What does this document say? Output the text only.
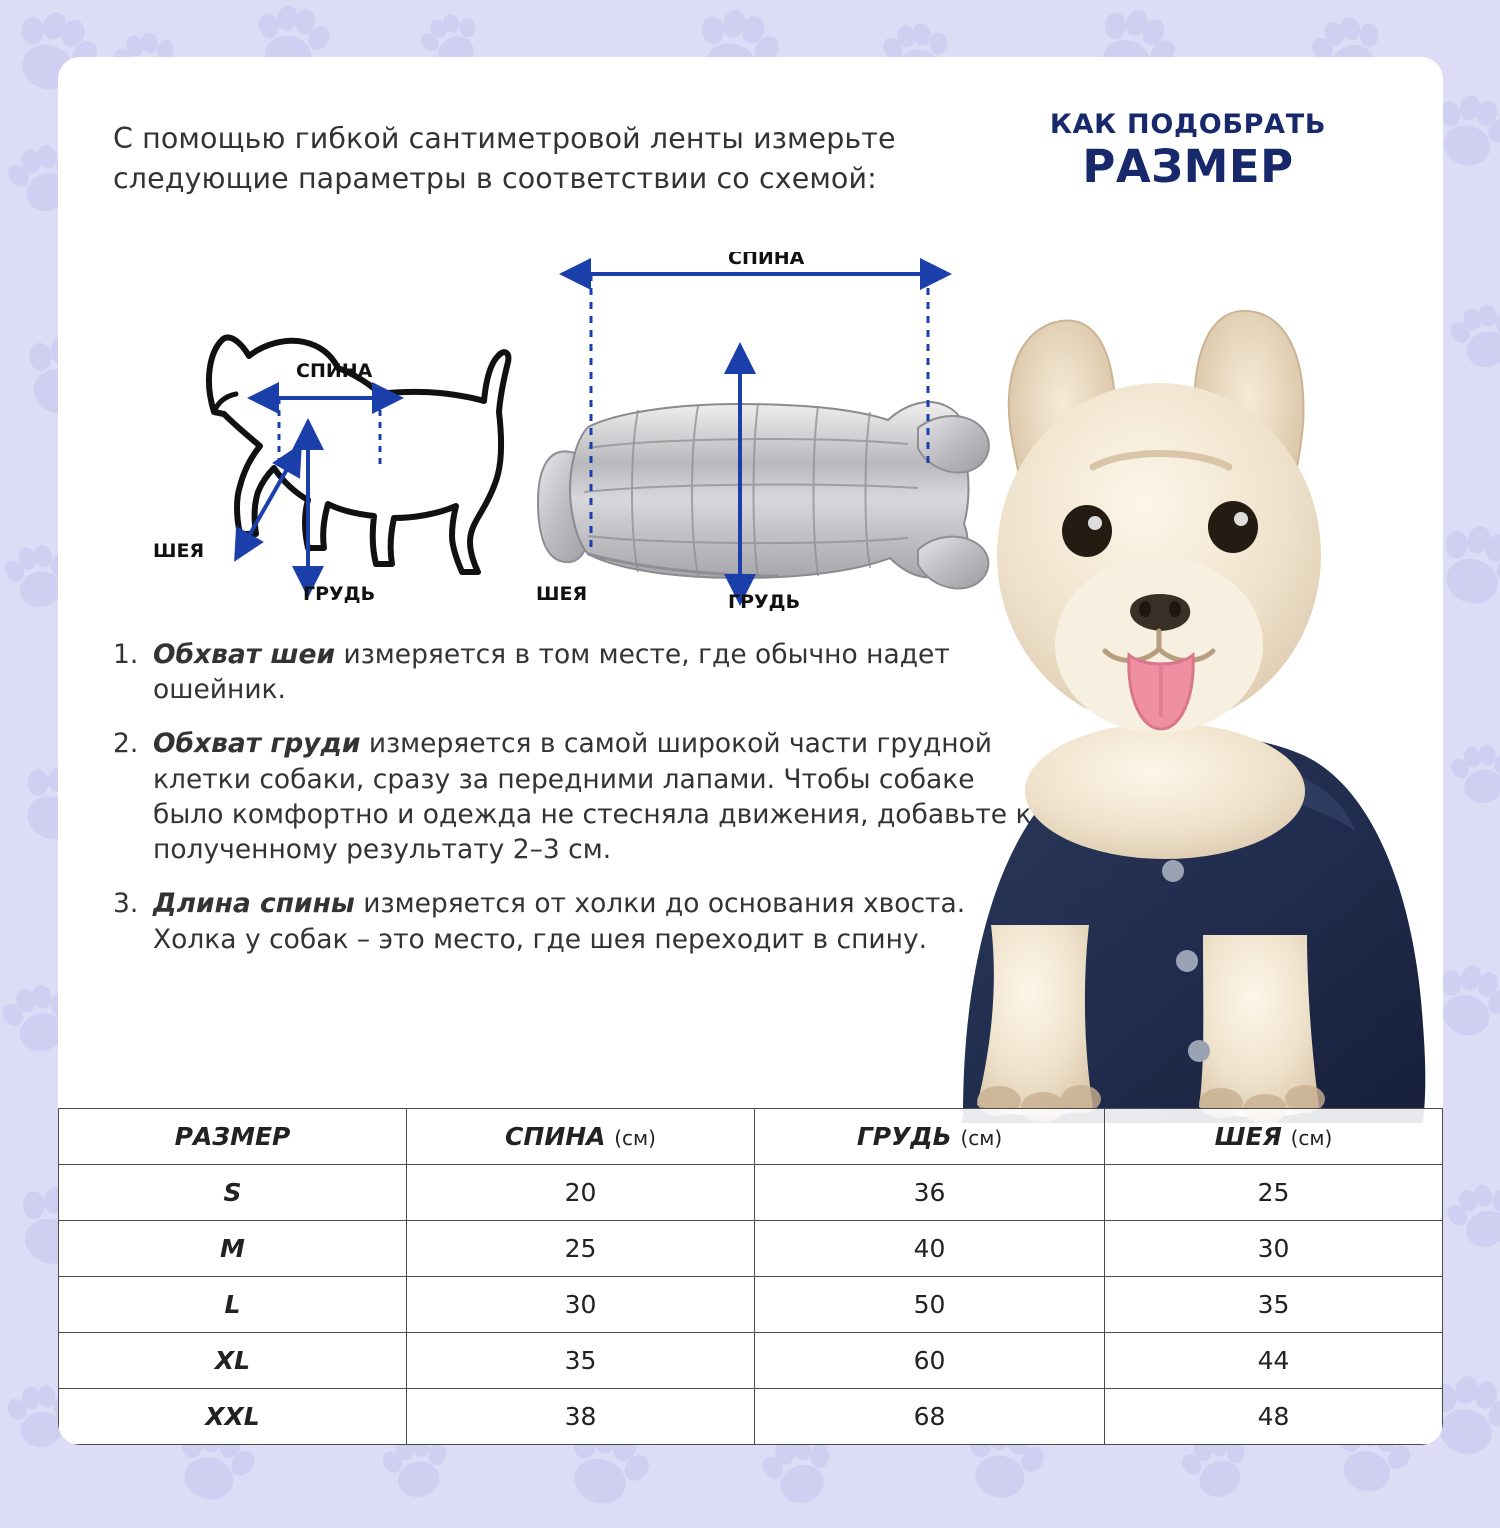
С помощью гибкой сантиметровой ленты измерьте следующие параметры в соответствии со схемой:
КАК ПОДОБРАТЬ
РАЗМЕР
СПИНА
ШЕЯ
ГРУДЬ
СПИНА
ШЕЯ	ГРУДЬ
1. Обхват шеи измеряется в том месте, где обычно надет ошейник.
2. Обхват груди измеряется в самой широкой части грудной клетки собаки, сразу за передними лапами. Чтобы собаке было комфортно и одежда не стесняла движения, добавьте к полученному результату 2–3 см.
3. Длина спины измеряется от холки до основания хвоста. Холка у собак – это место, где шея переходит в спину.
РАЗМЕР	СПИНА (см)	ГРУДЬ (см)	ШЕЯ (см)
S	20	36	25
M	25	40	30
L	30	50	35
XL	35	60	44
XXL	38	68	48
